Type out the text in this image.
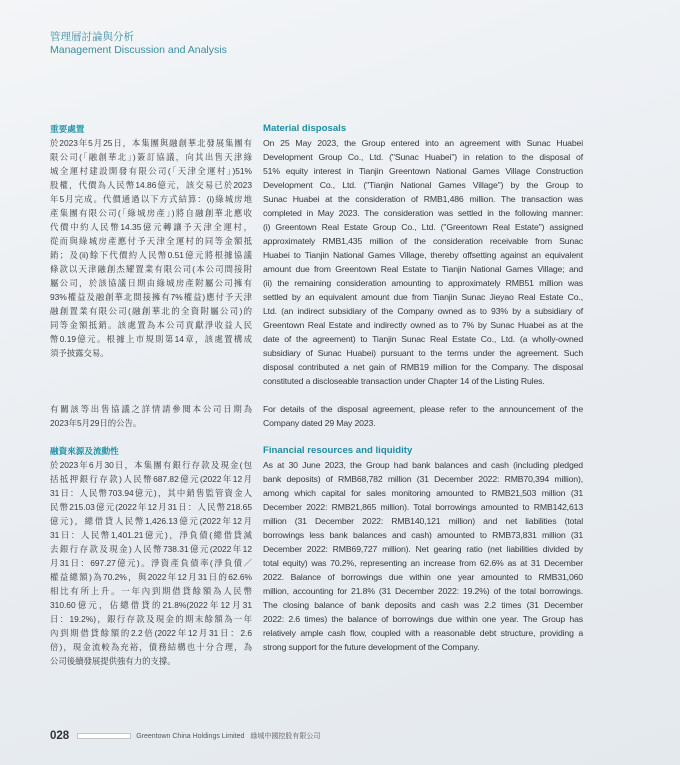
管理層討論與分析
Management Discussion and Analysis
重要處置
於2023年5月25日，本集團與融創華北發展集團有
限公司(「融創華北」)簽訂協議，向其出售天津綠
城全運村建設開發有限公司(「天津全運村」)51%
股權，代價為人民幣14.86億元，該交易已於2023
年5月完成。代價通過以下方式結算：(i)綠城房地
產集團有限公司(「綠城房產」)將自融創華北應收
代價中約人民幣14.35億元轉讓予天津全運村，
從而與綠城房產應付予天津全運村的同等金額抵
銷；及(ii)餘下代價約人民幣0.51億元將根據協議
條款以天津融創杰耀置業有限公司(本公司間接附
屬公司，於該協議日期由綠城房產附屬公司擁有
93%權益及融創華北間接擁有7%權益)應付予天津
融創置業有限公司(融創華北的全資附屬公司)的
同等金額抵銷。該處置為本公司貢獻淨收益人民
幣0.19億元。根據上市規則第14章，該處置構成
須予披露交易。
Material disposals
On 25 May 2023, the Group entered into an agreement with Sunac Huabei
Development Group Co., Ltd. ("Sunac Huabei") in relation to the disposal of
51% equity interest in Tianjin Greentown National Games Village Construction
Development Co., Ltd. ("Tianjin National Games Village") by the Group to
Sunac Huabei at the consideration of RMB1,486 million. The transaction was
completed in May 2023. The consideration was settled in the following manner:
(i) Greentown Real Estate Group Co., Ltd. ("Greentown Real Estate") assigned
approximately RMB1,435 million of the consideration receivable from Sunac
Huabei to Tianjin National Games Village, thereby offsetting against an equivalent
amount due from Greentown Real Estate to Tianjin National Games Village; and
(ii) the remaining consideration amounting to approximately RMB51 million was
settled by an equivalent amount due from Tianjin Sunac Jieyao Real Estate Co.,
Ltd. (an indirect subsidiary of the Company owned as to 93% by a subsidiary of
Greentown Real Estate and indirectly owned as to 7% by Sunac Huabei as at the
date of the agreement) to Tianjin Sunac Real Estate Co., Ltd. (a wholly-owned
subsidiary of Sunac Huabei) pursuant to the terms under the agreement. Such
disposal contributed a net gain of RMB19 million for the Company. The disposal
constituted a discloseable transaction under Chapter 14 of the Listing Rules.
有關該等出售協議之詳情請參閱本公司日期為
2023年5月29日的公告。
For details of the disposal agreement, please refer to the announcement of the
Company dated 29 May 2023.
融資來源及流動性
於2023年6月30日，本集團有銀行存款及現金(包
括抵押銀行存款)人民幣687.82億元(2022年12月
31日：人民幣703.94億元)，其中銷售監管資金人
民幣215.03億元(2022年12月31日：人民幣218.65
億元)，總借貸人民幣1,426.13億元(2022年12月
31日：人民幣1,401.21億元)，淨負債(總借貸減
去銀行存款及現金)人民幣738.31億元(2022年12
月31日：697.27億元)。淨資產負債率(淨負債／
權益總額)為70.2%，與2022年12月31日的62.6%
相比有所上升。一年內到期借貸餘額為人民幣
310.60億元，佔總借貸的21.8%(2022年12月31
日：19.2%)，銀行存款及現金的期末餘額為一年
內到期借貸餘額的2.2倍(2022年12月31日：2.6
倍)，現金流較為充裕，債務結構也十分合理，為
公司後續發展提供強有力的支撐。
Financial resources and liquidity
As at 30 June 2023, the Group had bank balances and cash (including pledged
bank deposits) of RMB68,782 million (31 December 2022: RMB70,394 million),
among which capital for sales monitoring amounted to RMB21,503 million (31
December 2022: RMB21,865 million). Total borrowings amounted to RMB142,613
million (31 December 2022: RMB140,121 million) and net liabilities (total
borrowings less bank balances and cash) amounted to RMB73,831 million (31
December 2022: RMB69,727 million). Net gearing ratio (net liabilities divided by
total equity) was 70.2%, representing an increase from 62.6% as at 31 December
2022. Balance of borrowings due within one year amounted to RMB31,060
million, accounting for 21.8% (31 December 2022: 19.2%) of the total borrowings.
The closing balance of bank deposits and cash was 2.2 times (31 December
2022: 2.6 times) the balance of borrowings due within one year. The Group has
relatively ample cash flow, coupled with a reasonable debt structure, providing a
strong support for the future development of the Company.
028	Greentown China Holdings Limited 綠城中國控股有限公司
